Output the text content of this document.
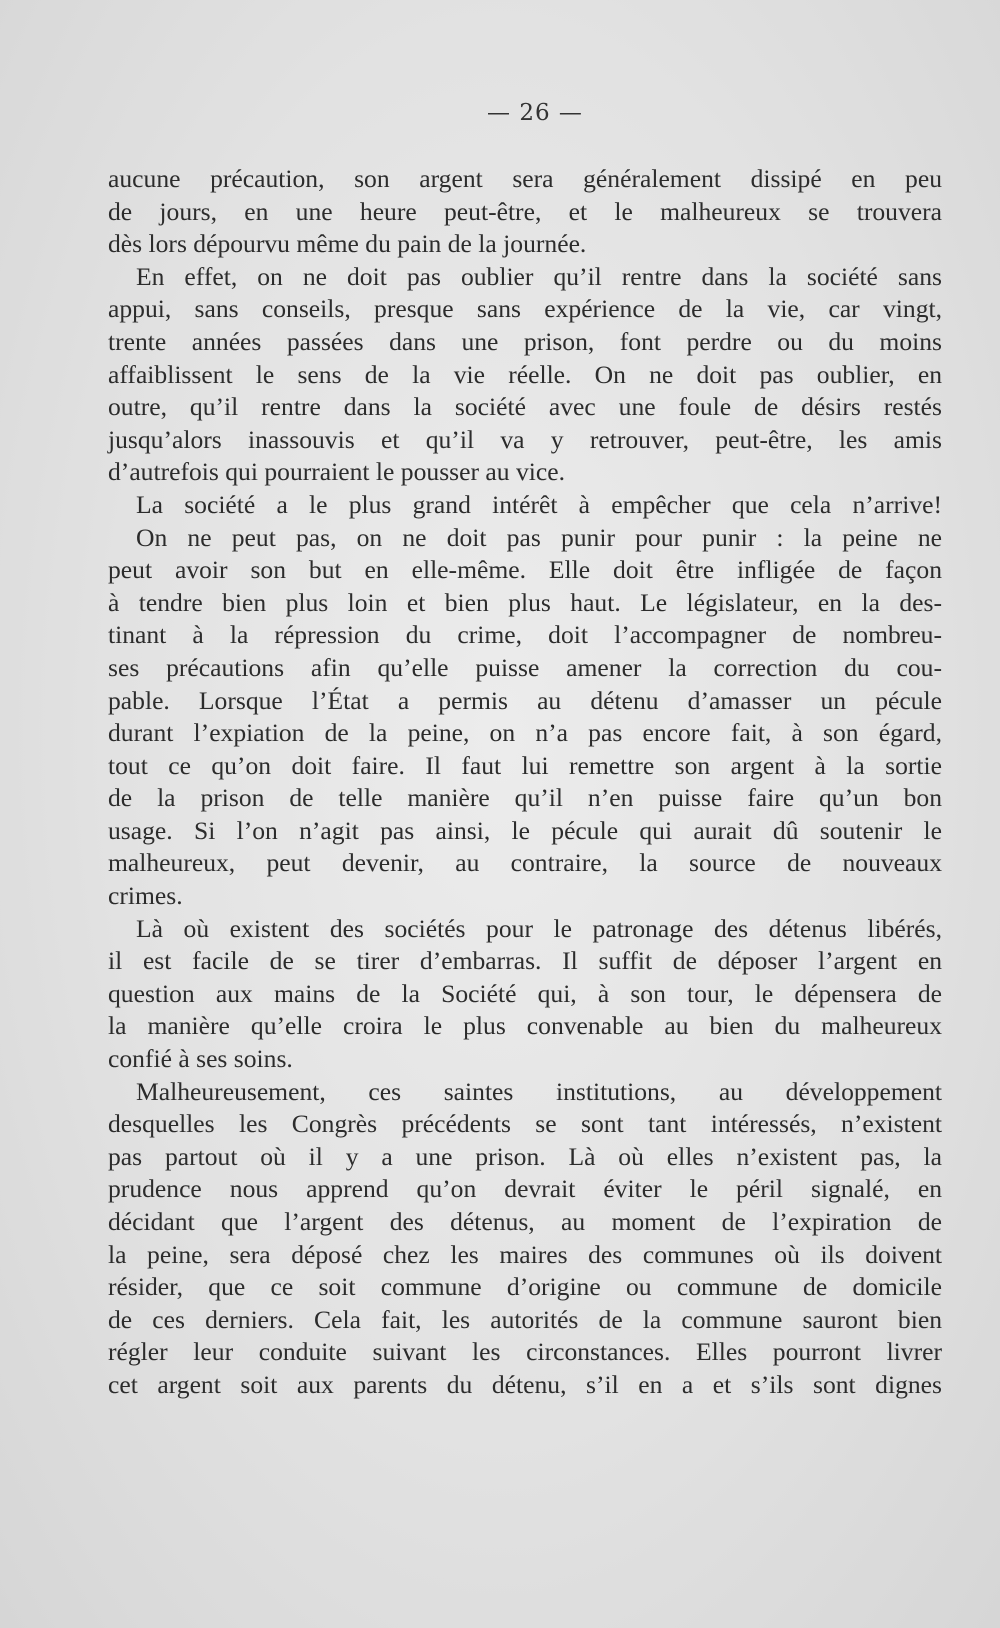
— 26 —
aucune précaution, son argent sera généralement dissipé en peu
de jours, en une heure peut-être, et le malheureux se trouvera
dès lors dépourvu même du pain de la journée.
En effet, on ne doit pas oublier qu’il rentre dans la société sans
appui, sans conseils, presque sans expérience de la vie, car vingt,
trente années passées dans une prison, font perdre ou du moins
affaiblissent le sens de la vie réelle. On ne doit pas oublier, en
outre, qu’il rentre dans la société avec une foule de désirs restés
jusqu’alors inassouvis et qu’il va y retrouver, peut-être, les amis
d’autrefois qui pourraient le pousser au vice.
La société a le plus grand intérêt à empêcher que cela n’arrive!
On ne peut pas, on ne doit pas punir pour punir : la peine ne
peut avoir son but en elle-même. Elle doit être infligée de façon
à tendre bien plus loin et bien plus haut. Le législateur, en la des-
tinant à la répression du crime, doit l’accompagner de nombreu-
ses précautions afin qu’elle puisse amener la correction du cou-
pable. Lorsque l’État a permis au détenu d’amasser un pécule
durant l’expiation de la peine, on n’a pas encore fait, à son égard,
tout ce qu’on doit faire. Il faut lui remettre son argent à la sortie
de la prison de telle manière qu’il n’en puisse faire qu’un bon
usage. Si l’on n’agit pas ainsi, le pécule qui aurait dû soutenir le
malheureux, peut devenir, au contraire, la source de nouveaux
crimes.
Là où existent des sociétés pour le patronage des détenus libérés,
il est facile de se tirer d’embarras. Il suffit de déposer l’argent en
question aux mains de la Société qui, à son tour, le dépensera de
la manière qu’elle croira le plus convenable au bien du malheureux
confié à ses soins.
Malheureusement, ces saintes institutions, au développement
desquelles les Congrès précédents se sont tant intéressés, n’existent
pas partout où il y a une prison. Là où elles n’existent pas, la
prudence nous apprend qu’on devrait éviter le péril signalé, en
décidant que l’argent des détenus, au moment de l’expiration de
la peine, sera déposé chez les maires des communes où ils doivent
résider, que ce soit commune d’origine ou commune de domicile
de ces derniers. Cela fait, les autorités de la commune sauront bien
régler leur conduite suivant les circonstances. Elles pourront livrer
cet argent soit aux parents du détenu, s’il en a et s’ils sont dignes
